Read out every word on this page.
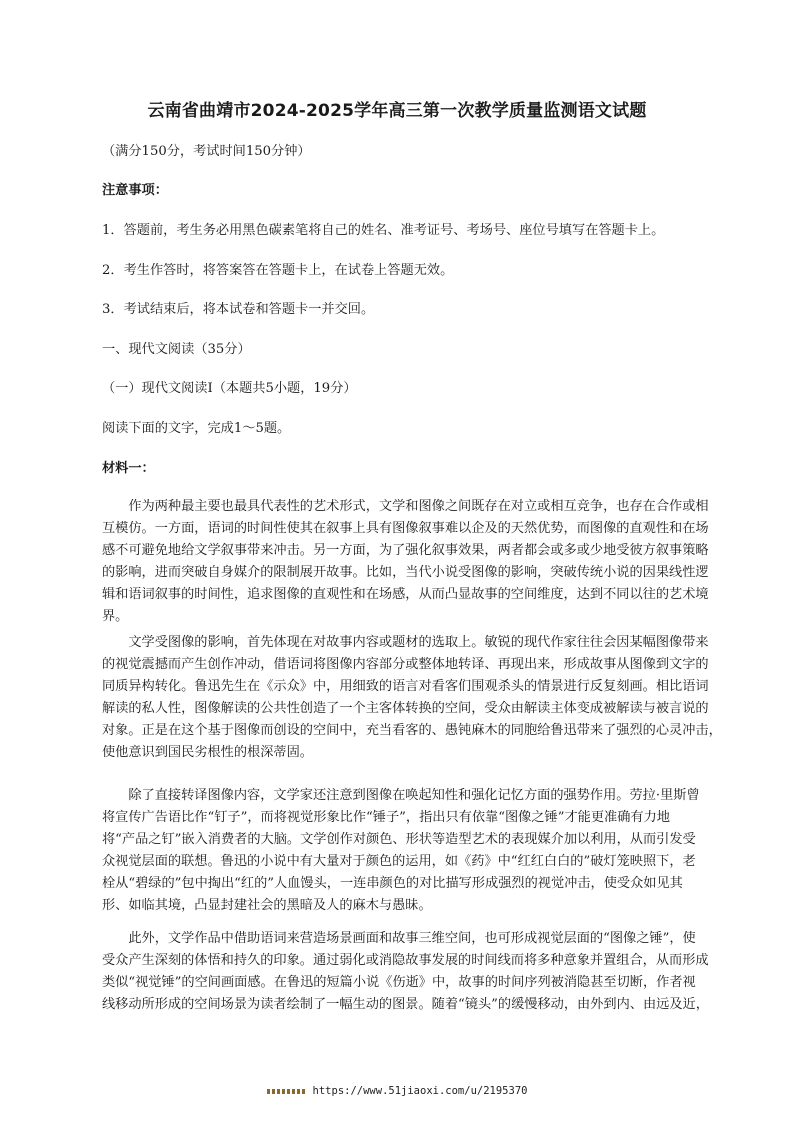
云南省曲靖市2024-2025学年高三第一次教学质量监测语文试题
（满分150分，考试时间150分钟）
注意事项：
1．答题前，考生务必用黑色碳素笔将自己的姓名、准考证号、考场号、座位号填写在答题卡上。
2．考生作答时，将答案答在答题卡上，在试卷上答题无效。
3．考试结束后，将本试卷和答题卡一并交回。
一、现代文阅读（35分）
（一）现代文阅读Ⅰ（本题共5小题，19分）
阅读下面的文字，完成1～5题。
材料一：
　　作为两种最主要也最具代表性的艺术形式，文学和图像之间既存在对立或相互竞争，也存在合作或相
互模仿。一方面，语词的时间性使其在叙事上具有图像叙事难以企及的天然优势，而图像的直观性和在场
感不可避免地给文学叙事带来冲击。另一方面，为了强化叙事效果，两者都会或多或少地受彼方叙事策略
的影响，进而突破自身媒介的限制展开故事。比如，当代小说受图像的影响，突破传统小说的因果线性逻
辑和语词叙事的时间性，追求图像的直观性和在场感，从而凸显故事的空间维度，达到不同以往的艺术境
界。
　　文学受图像的影响，首先体现在对故事内容或题材的选取上。敏锐的现代作家往往会因某幅图像带来
的视觉震撼而产生创作冲动，借语词将图像内容部分或整体地转译、再现出来，形成故事从图像到文字的
同质异构转化。鲁迅先生在《示众》中，用细致的语言对看客们围观杀头的情景进行反复刻画。相比语词
解读的私人性，图像解读的公共性创造了一个主客体转换的空间，受众由解读主体变成被解读与被言说的
对象。正是在这个基于图像而创设的空间中，充当看客的、愚钝麻木的同胞给鲁迅带来了强烈的心灵冲击，
使他意识到国民劣根性的根深蒂固。
　　除了直接转译图像内容，文学家还注意到图像在唤起知性和强化记忆方面的强势作用。劳拉·里斯曾
将宣传广告语比作“钉子”，而将视觉形象比作“锤子”，指出只有依靠“图像之锤”才能更准确有力地
将“产品之钉”嵌入消费者的大脑。文学创作对颜色、形状等造型艺术的表现媒介加以利用，从而引发受
众视觉层面的联想。鲁迅的小说中有大量对于颜色的运用，如《药》中“红红白白的”破灯笼映照下，老
栓从“碧绿的”包中掏出“红的”人血馒头，一连串颜色的对比描写形成强烈的视觉冲击，使受众如见其
形、如临其境，凸显封建社会的黑暗及人的麻木与愚昧。
　　此外，文学作品中借助语词来营造场景画面和故事三维空间，也可形成视觉层面的“图像之锤”，使
受众产生深刻的体悟和持久的印象。通过弱化或消隐故事发展的时间线而将多种意象并置组合，从而形成
类似“视觉锤”的空间画面感。在鲁迅的短篇小说《伤逝》中，故事的时间序列被消隐甚至切断，作者视
线移动所形成的空间场景为读者绘制了一幅生动的图景。随着“镜头”的缓慢移动，由外到内、由远及近，
https://www.51jiaoxi.com/u/2195370
